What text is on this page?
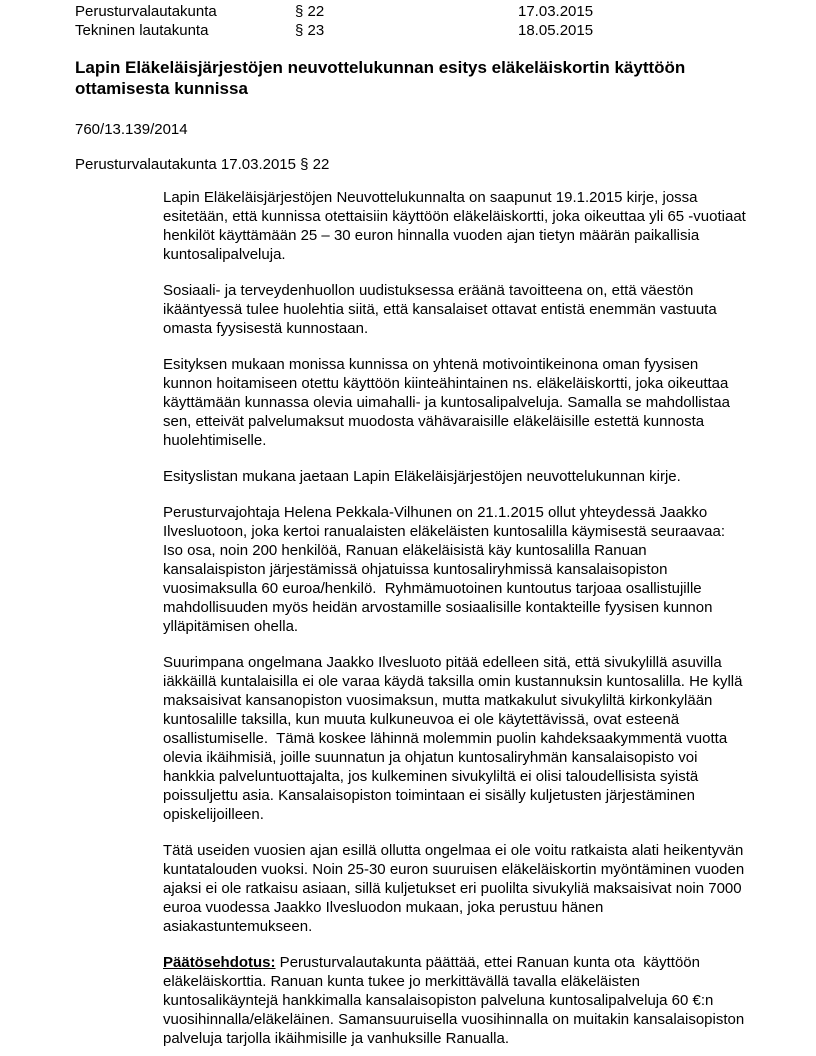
Perusturvalautakunta	§ 22	17.03.2015
Tekninen lautakunta	§ 23	18.05.2015
Lapin Eläkeläisjärjestöjen neuvottelukunnan esitys eläkeläiskortin käyttöön ottamisesta kunnissa
760/13.139/2014
Perusturvalautakunta 17.03.2015 § 22

Lapin Eläkeläisjärjestöjen Neuvottelukunnalta on saapunut 19.1.2015 kirje, jossa esitetään, että kunnissa otettaisiin käyttöön eläkeläiskortti, joka oikeuttaa yli 65 -vuotiaat henkilöt käyttämään 25 – 30 euron hinnalla vuoden ajan tietyn määrän paikallisia kuntosalipalveluja.

Sosiaali- ja terveydenhuollon uudistuksessa eräänä tavoitteena on, että väestön ikääntyessä tulee huolehtia siitä, että kansalaiset ottavat entistä enemmän vastuuta omasta fyysisestä kunnostaan.

Esityksen mukaan monissa kunnissa on yhtenä motivointikeinona oman fyysisen kunnon hoitamiseen otettu käyttöön kiinteähintainen ns. eläkeläiskortti, joka oikeuttaa käyttämään kunnassa olevia uimahalli- ja kuntosalipalveluja. Samalla se mahdollistaa sen, etteivät palvelumaksut muodosta vähävaraisille eläkeläisille estettä kunnosta huolehtimiselle.

Esityslistan mukana jaetaan Lapin Eläkeläisjärjestöjen neuvottelukunnan kirje.

Perusturvajohtaja Helena Pekkala-Vilhunen on 21.1.2015 ollut yhteydessä Jaakko Ilvesluotoon, joka kertoi ranualaisten eläkeläisten kuntosalilla käymisestä seuraavaa: Iso osa, noin 200 henkilöä, Ranuan eläkeläisistä käy kuntosalilla Ranuan kansalaispiston järjestämissä ohjatuissa kuntosaliryhmissä kansalaisopiston vuosimaksulla 60 euroa/henkilö.  Ryhmämuotoinen kuntoutus tarjoaa osallistujille mahdollisuuden myös heidän arvostamille sosiaalisille kontakteille fyysisen kunnon ylläpitämisen ohella.

Suurimpana ongelmana Jaakko Ilvesluoto pitää edelleen sitä, että sivukylillä asuvilla iäkkäillä kuntalaisilla ei ole varaa käydä taksilla omin kustannuksin kuntosalilla. He kyllä maksaisivat kansanopiston vuosimaksun, mutta matkakulut sivukyliltä kirkonkylään kuntosalille taksilla, kun muuta kulkuneuvoa ei ole käytettävissä, ovat esteenä osallistumiselle.  Tämä koskee lähinnä molemmin puolin kahdeksaakymmentä vuotta olevia ikäihmisiä, joille suunnatun ja ohjatun kuntosaliryhmän kansalaisopisto voi hankkia palveluntuottajalta, jos kulkeminen sivukyliltä ei olisi taloudellisista syistä poissuljettu asia. Kansalaisopiston toimintaan ei sisälly kuljetusten järjestäminen opiskelijoilleen.

Tätä useiden vuosien ajan esillä ollutta ongelmaa ei ole voitu ratkaista alati heikentyvän kuntatalouden vuoksi. Noin 25-30 euron suuruisen eläkeläiskortin myöntäminen vuoden ajaksi ei ole ratkaisu asiaan, sillä kuljetukset eri puolilta sivukyliä maksaisivat noin 7000 euroa vuodessa Jaakko Ilvesluodon mukaan, joka perustuu hänen asiakastuntemukseen.

Päätösehdotus: Perusturvalautakunta päättää, ettei Ranuan kunta ota  käyttöön eläkeläiskorttia. Ranuan kunta tukee jo merkittävällä tavalla eläkeläisten kuntosalikäyntejä hankkimalla kansalaisopiston palveluna kuntosalipalveluja 60 €:n vuosihinnalla/eläkeläinen. Samansuuruisella vuosihinnalla on muitakin kansalaisopiston palveluja tarjolla ikäihmisille ja vanhuksille Ranualla.
